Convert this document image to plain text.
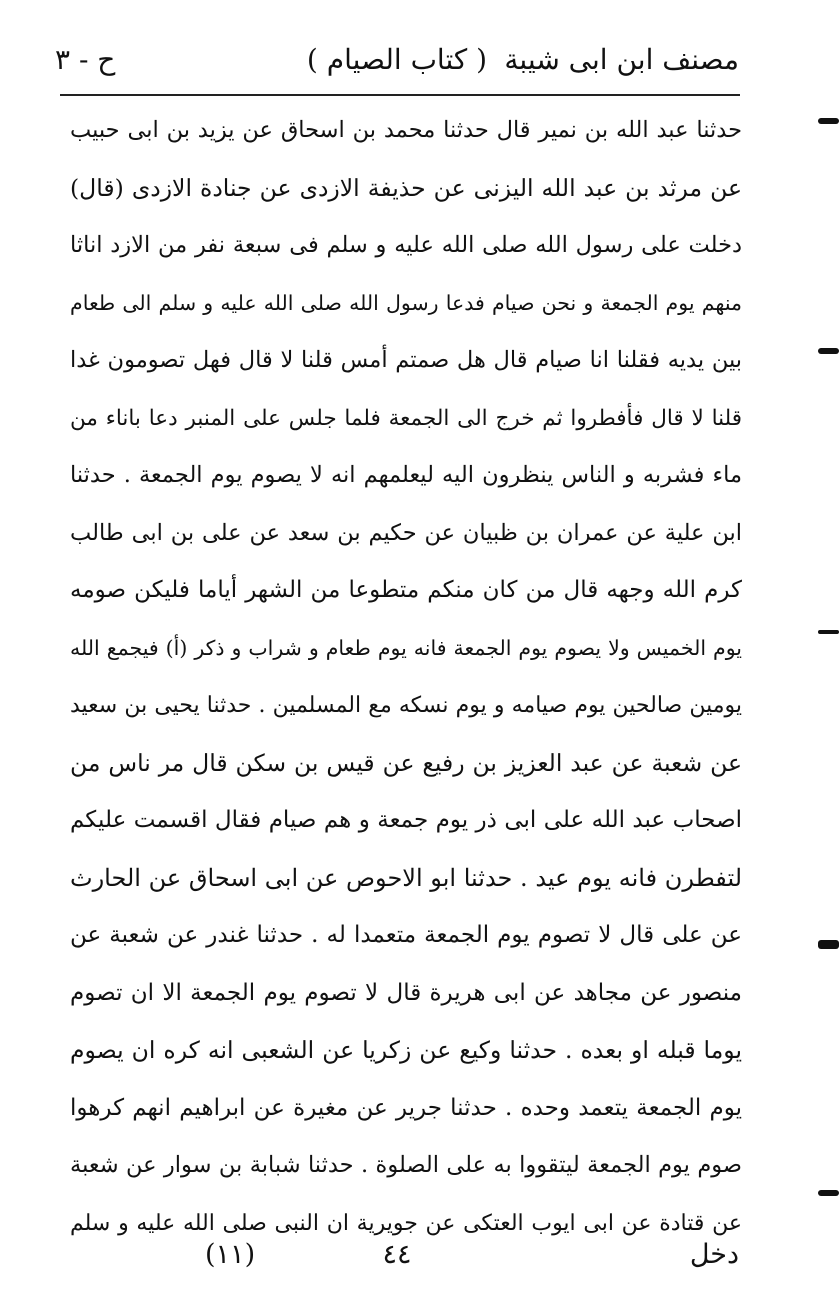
مصنف ابن ابى شيبة
( كتاب الصيام )
ح - ٣
حدثنا عبد الله بن نمير قال حدثنا محمد بن اسحاق عن يزيد بن ابى حبيب
عن مرثد بن عبد الله اليزنى عن حذيفة الازدى عن جنادة الازدى (قال)
دخلت على رسول الله صلى الله عليه و سلم فى سبعة نفر من الازد اناثا
منهم يوم الجمعة و نحن صيام فدعا رسول الله صلى الله عليه و سلم الى طعام
بين يديه فقلنا انا صيام قال هل صمتم أمس قلنا لا قال فهل تصومون غدا
قلنا لا قال فأفطروا ثم خرج الى الجمعة فلما جلس على المنبر دعا باناء من
ماء فشربه و الناس ينظرون اليه ليعلمهم انه لا يصوم يوم الجمعة . حدثنا
ابن علية عن عمران بن ظبيان عن حكيم بن سعد عن على بن ابى طالب
كرم الله وجهه قال من كان منكم متطوعا من الشهر أياما فليكن صومه
يوم الخميس ولا يصوم يوم الجمعة فانه يوم طعام و شراب و ذكر (أ) فيجمع الله
يومين صالحين يوم صيامه و يوم نسكه مع المسلمين . حدثنا يحيى بن سعيد
عن شعبة عن عبد العزيز بن رفيع عن قيس بن سكن قال مر ناس من
اصحاب عبد الله على ابى ذر يوم جمعة و هم صيام فقال اقسمت عليكم
لتفطرن فانه يوم عيد . حدثنا ابو الاحوص عن ابى اسحاق عن الحارث
عن على قال لا تصوم يوم الجمعة متعمدا له . حدثنا غندر عن شعبة عن
منصور عن مجاهد عن ابى هريرة قال لا تصوم يوم الجمعة الا ان تصوم
يوما قبله او بعده . حدثنا وكيع عن زكريا عن الشعبى انه كره ان يصوم
يوم الجمعة يتعمد وحده . حدثنا جرير عن مغيرة عن ابراهيم انهم كرهوا
صوم يوم الجمعة ليتقووا به على الصلوة . حدثنا شبابة بن سوار عن شعبة
عن قتادة عن ابى ايوب العتكى عن جويرية ان النبى صلى الله عليه و سلم
دخل
٤٤
(١١)
